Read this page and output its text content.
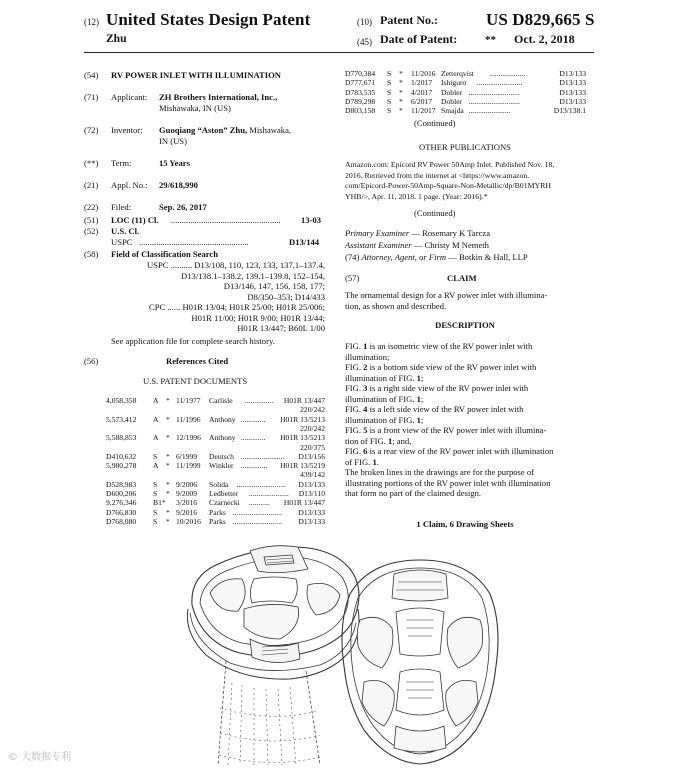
(12) United States Design Patent
Zhu
(10) Patent No.:	US D829,665 S
(45) Date of Patent:	** Oct. 2, 2018
(54) RV POWER INLET WITH ILLUMINATION
(71) Applicant: ZH Brothers International, Inc.,
Mishawaka, IN (US)
(72) Inventor: Guoqiang “Aston” Zhu, Mishawaka,
IN (US)
(**) Term:	15 Years
(21) Appl. No.: 29/618,990
(22) Filed:	Sep. 26, 2017
(51) LOC (11) Cl. ................................................... 13-03
(52) U.S. Cl.
USPC ...................................................	D13/144
(58) Field of Classification Search
USPC .......... D13/108, 110, 123, 133, 137.1–137.4,
D13/138.1–138.2, 139.1–139.8, 152–154,
D13/146, 147, 156, 158, 177;
D8/350–353; D14/433
CPC ...... H01R 13/04; H01R 25/00; H01R 25/006;
H01R 11/00; H01R 9/00; H01R 13/44;
H01R 13/447; B60L 1/00
See application file for complete search history.
(56)	References Cited
U.S. PATENT DOCUMENTS
4,058,358 A * 11/1977 Carlisle ............... H01R 13/447
220/242
5,573,412 A * 11/1996 Anthony ............. H01R 13/5213
220/242
5,588,853 A * 12/1996 Anthony ............. H01R 13/5213
220/375
D410,632 S * 6/1999 Deutsch ....................... D13/156
5,980,278 A * 11/1999 Winkler .............. H01R 13/5219
439/142
D528,983 S * 9/2006 Solida .......................... D13/133
D600,206 S * 9/2009 Ledbetter ..................... D13/110
9,276,346 B1* 3/2016 Czarnecki ........... H01R 13/447
D766,830 S * 9/2016 Parks .......................... D13/133
D768,080 S * 10/2016 Parks .......................... D13/133
D770,384 S * 11/2016 Zetterqvist ...................	D13/133
D777,671 S * 1/2017 Ishiguro ........................	D13/133
D783,535 S * 4/2017 Dobler ...........................	D13/133
D789,298 S * 6/2017 Dobler ...........................	D13/133
D803,158 S * 11/2017 Smajda ......................	D13/138.1
(Continued)
OTHER PUBLICATIONS
Amazon.com: Epicord RV Power 50Amp Inlet. Published Nov. 18,
2016. Retrieved from the internet at <https://www.amazon.
com/Epicord-Power-50Amp-Square-Non-Metallic/dp/B01MYRH
YHB/>, Apr. 11, 2018. 1 page. (Year: 2016).*
(Continued)
Primary Examiner — Rosemary K Tarcza
Assistant Examiner — Christy M Nemeth
(74) Attorney, Agent, or Firm — Botkin & Hall, LLP
(57)	CLAIM
The ornamental design for a RV power inlet with illumina-
tion, as shown and described.
DESCRIPTION
FIG. 1 is an isometric view of the RV power inlet with
illumination;
FIG. 2 is a bottom side view of the RV power inlet with
illumination of FIG. 1;
FIG. 3 is a right side view of the RV power inlet with
illumination of FIG. 1;
FIG. 4 is a left side view of the RV power inlet with
illumination of FIG. 1;
FIG. 5 is a front view of the RV power inlet with illumina-
tion of FIG. 1; and,
FIG. 6 is a rear view of the RV power inlet with illumination
of FIG. 1.
The broken lines in the drawings are for the purpose of
illustrating portions of the RV power inlet with illumination
that form no part of the claimed design.
1 Claim, 6 Drawing Sheets
© 大数据专利
